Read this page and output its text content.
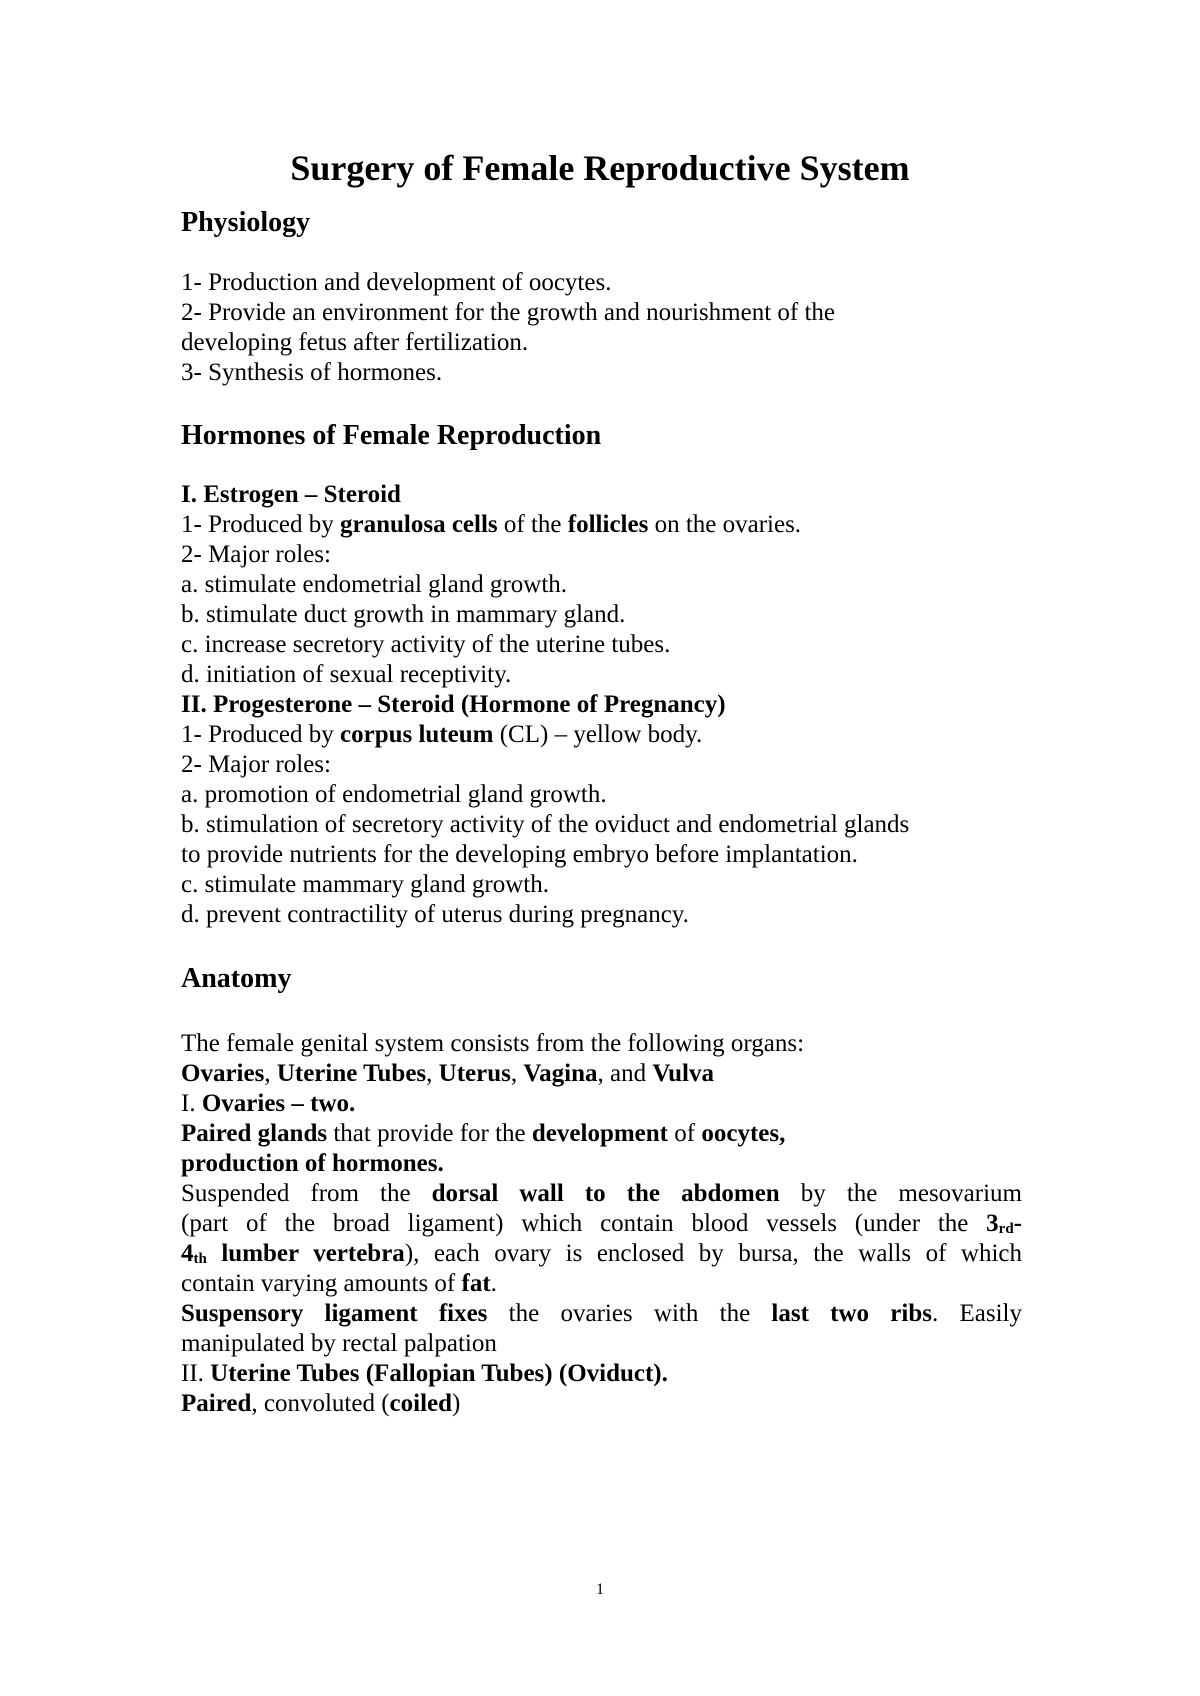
Surgery of Female Reproductive System
Physiology
1- Production and development of oocytes.
2- Provide an environment for the growth and nourishment of the
developing fetus after fertilization.
3- Synthesis of hormones.
Hormones of Female Reproduction
I. Estrogen – Steroid
1- Produced by granulosa cells of the follicles on the ovaries.
2- Major roles:
a. stimulate endometrial gland growth.
b. stimulate duct growth in mammary gland.
c. increase secretory activity of the uterine tubes.
d. initiation of sexual receptivity.
II. Progesterone – Steroid (Hormone of Pregnancy)
1- Produced by corpus luteum (CL) – yellow body.
2- Major roles:
a. promotion of endometrial gland growth.
b. stimulation of secretory activity of the oviduct and endometrial glands
to provide nutrients for the developing embryo before implantation.
c. stimulate mammary gland growth.
d. prevent contractility of uterus during pregnancy.
Anatomy
The female genital system consists from the following organs:
Ovaries, Uterine Tubes, Uterus, Vagina, and Vulva
I. Ovaries – two.
Paired glands that provide for the development of oocytes,
production of hormones.
Suspended from the dorsal wall to the abdomen by the mesovarium
(part of the broad ligament) which contain blood vessels (under the $3_{rd}-$
$4_{th}$ lumber vertebra), each ovary is enclosed by bursa, the walls of which
contain varying amounts of fat.
Suspensory ligament fixes the ovaries with the last two ribs. Easily
manipulated by rectal palpation
II. Uterine Tubes (Fallopian Tubes) (Oviduct).
Paired, convoluted (coiled)
1
